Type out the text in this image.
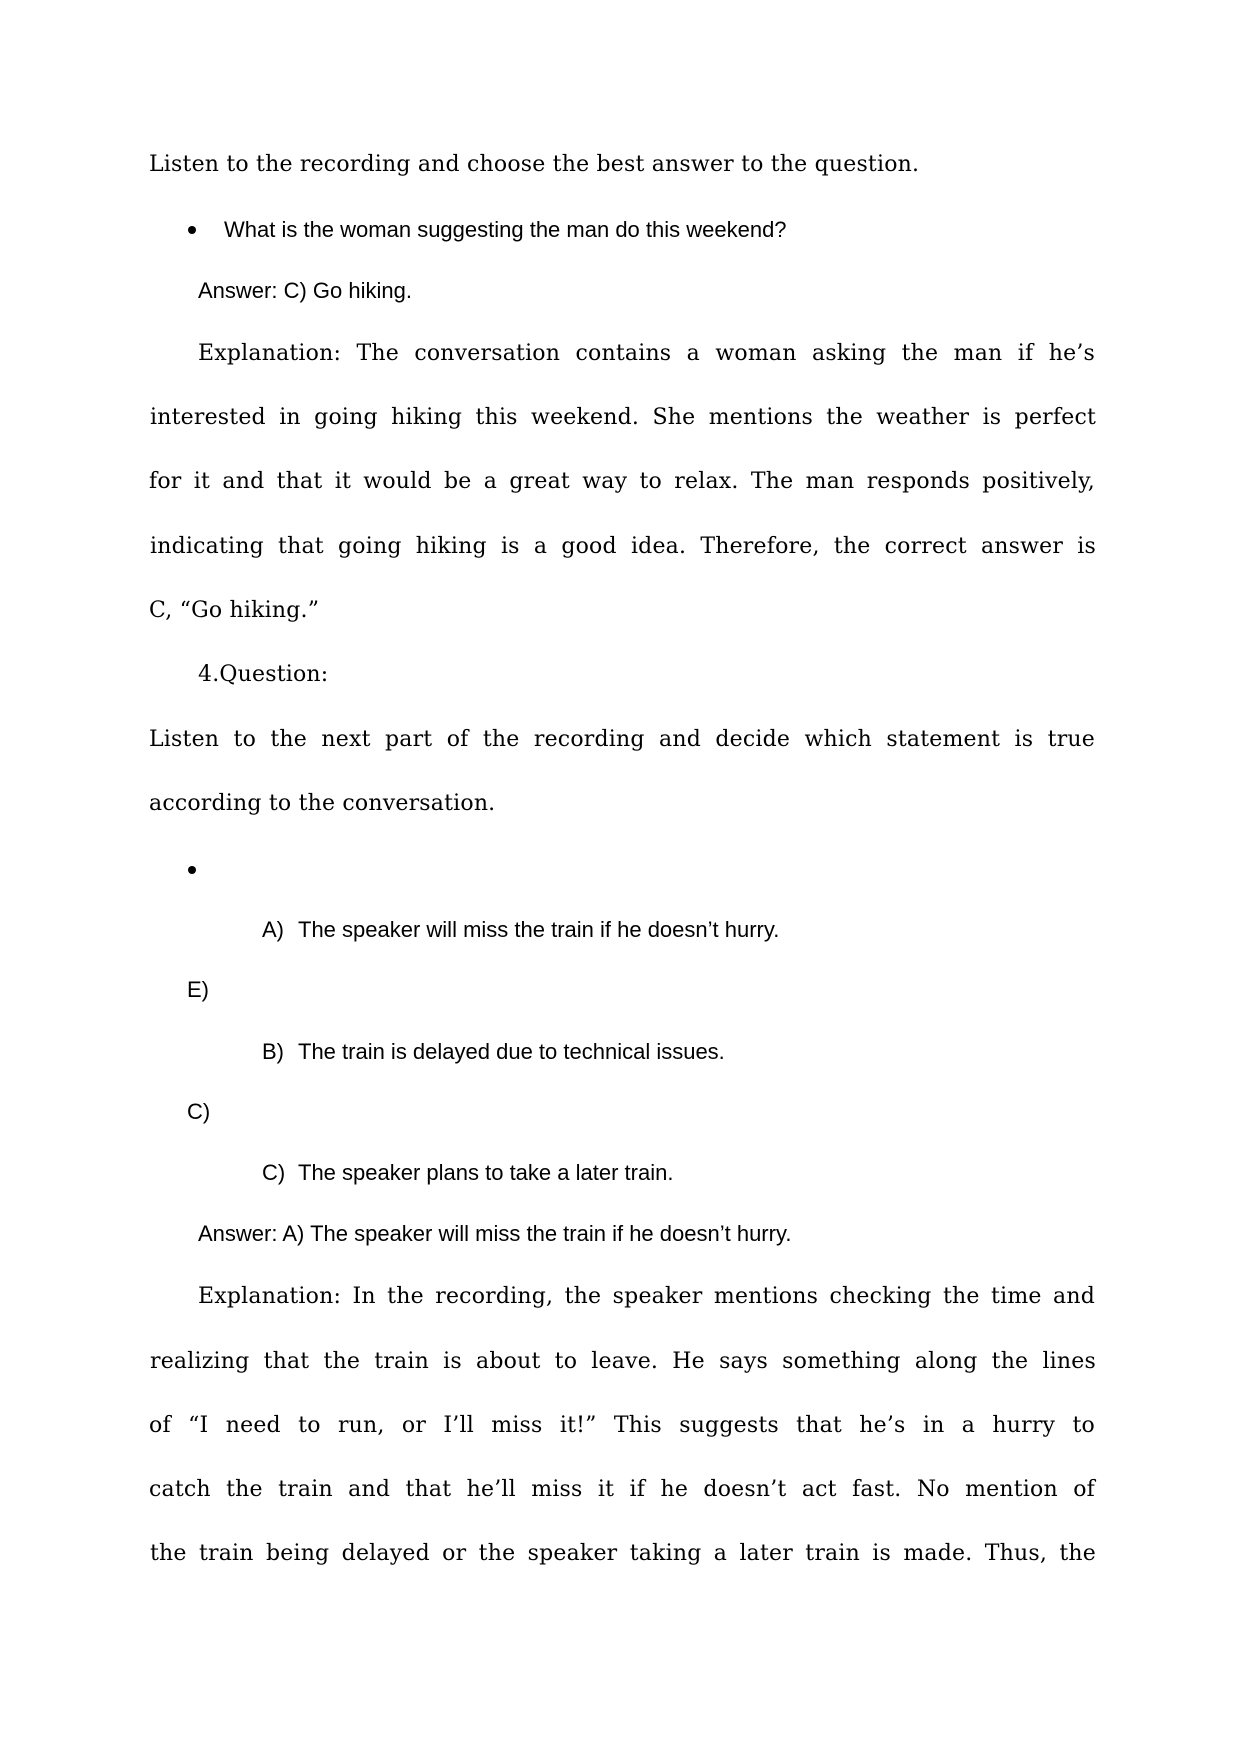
Listen to the recording and choose the best answer to the question.
What is the woman suggesting the man do this weekend?
Answer: C) Go hiking.
Explanation: The conversation contains a woman asking the man if he’s
interested in going hiking this weekend. She mentions the weather is perfect
for it and that it would be a great way to relax. The man responds positively,
indicating that going hiking is a good idea. Therefore, the correct answer is
C, “Go hiking.”
4.Question:
Listen to the next part of the recording and decide which statement is true
according to the conversation.
A) The speaker will miss the train if he doesn’t hurry.
E)
B) The train is delayed due to technical issues.
C)
C) The speaker plans to take a later train.
Answer: A) The speaker will miss the train if he doesn’t hurry.
Explanation: In the recording, the speaker mentions checking the time and
realizing that the train is about to leave. He says something along the lines
of “I need to run, or I’ll miss it!” This suggests that he’s in a hurry to
catch the train and that he’ll miss it if he doesn’t act fast. No mention of
the train being delayed or the speaker taking a later train is made. Thus, the
